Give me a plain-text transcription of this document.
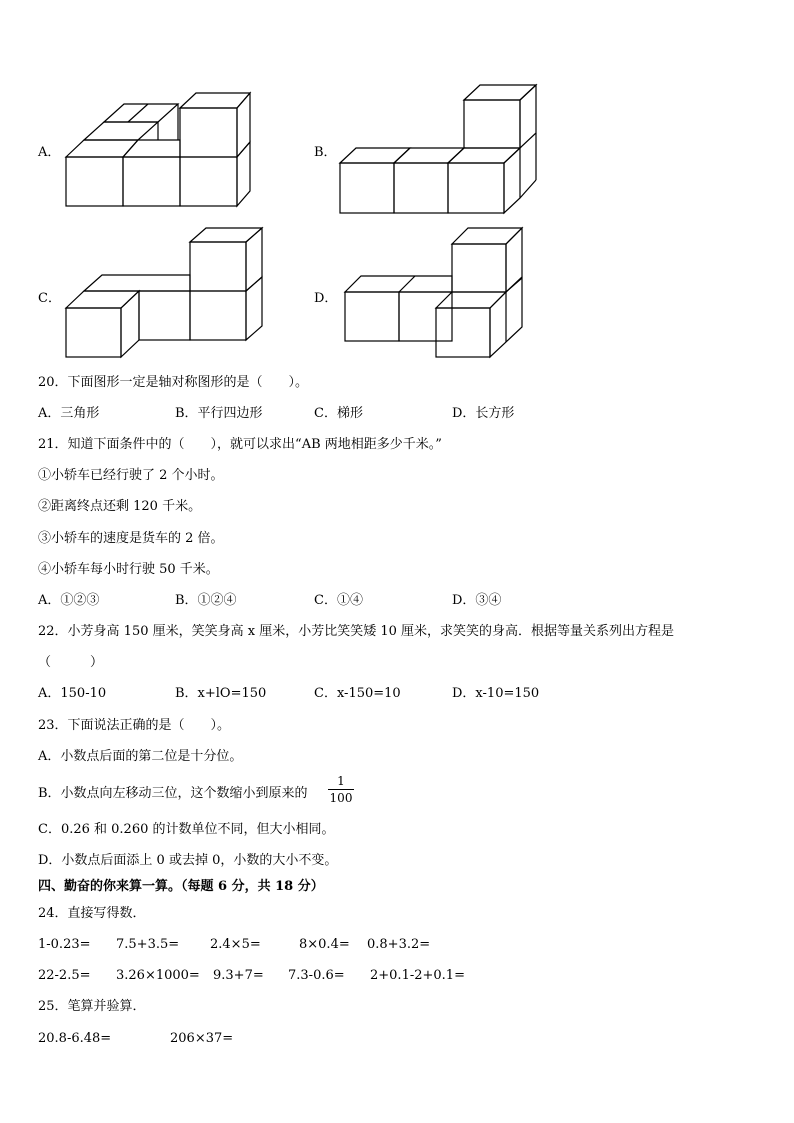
A．	B．
C．	D．
20．下面图形一定是轴对称图形的是（　　）。
A．三角形	B．平行四边形	C．梯形	D．长方形
21．知道下面条件中的（　　），就可以求出“AB 两地相距多少千米。”
①小轿车已经行驶了 2 个小时。
②距离终点还剩 120 千米。
③小轿车的速度是货车的 2 倍。
④小轿车每小时行驶 50 千米。
A．①②③	B．①②④	C．①④	D．③④
22．小芳身高 150 厘米，笑笑身高 x 厘米，小芳比笑笑矮 10 厘米，求笑笑的身高．根据等量关系列出方程是
（　　　）
A．150-10	B．x+lO=150	C．x-150=10	D．x-10=150
23．下面说法正确的是（　　）。
A．小数点后面的第二位是十分位。
B．小数点向左移动三位，这个数缩小到原来的
1
100
C．0.26 和 0.260 的计数单位不同，但大小相同。
D．小数点后面添上 0 或去掉 0，小数的大小不变。
四、勤奋的你来算一算。（每题 6 分，共 18 分）
24．直接写得数．
1-0.23= 7.5+3.5= 2.4×5=	8×0.4= 0.8+3.2=
22-2.5= 3.26×1000= 9.3+7= 7.3-0.6= 2+0.1-2+0.1=
25．笔算并验算．
20.8-6.48=	206×37=
